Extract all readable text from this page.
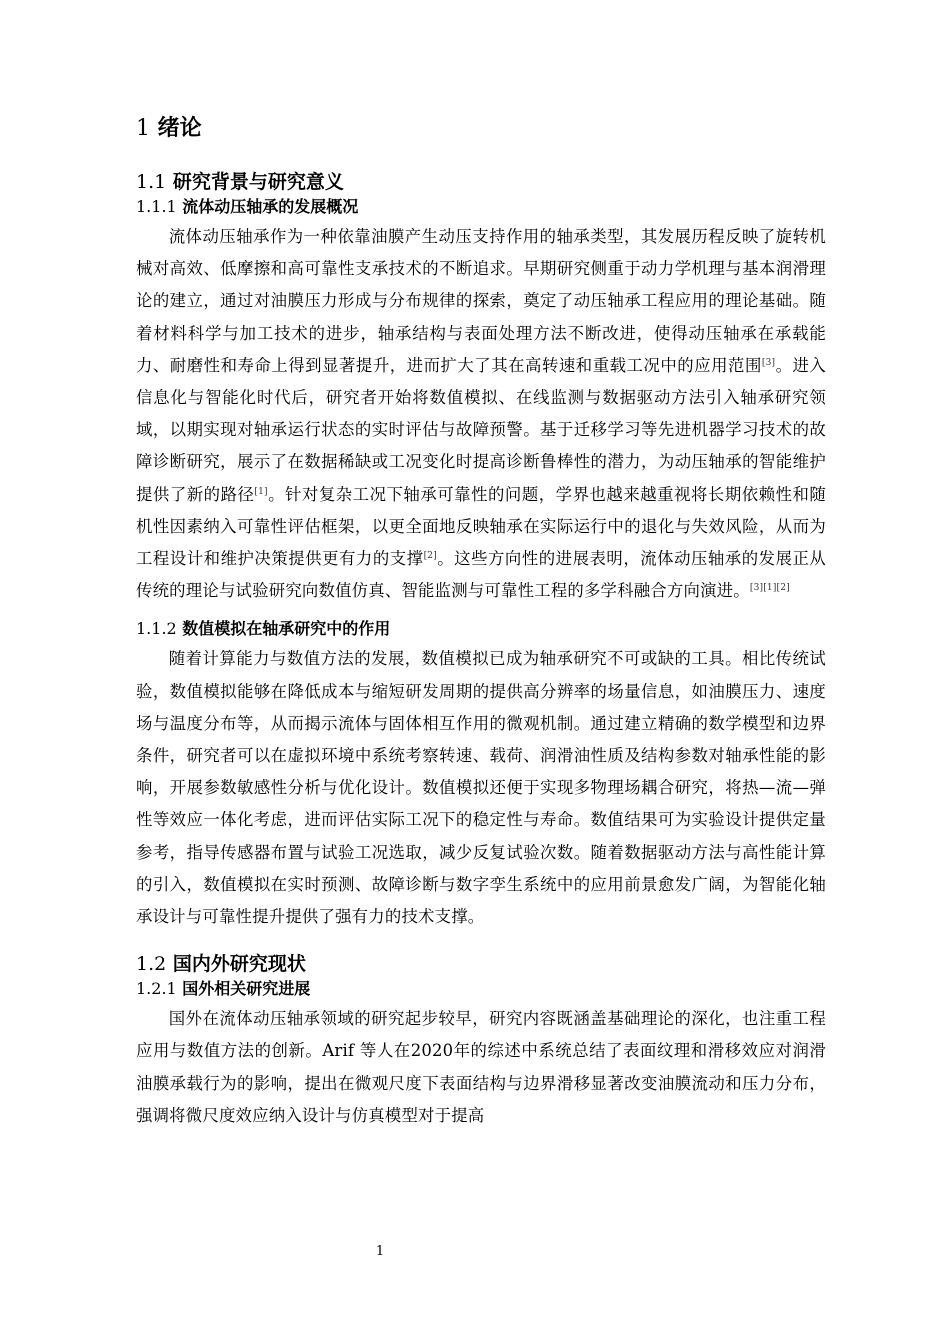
1 绪论
1.1 研究背景与研究意义
1.1.1 流体动压轴承的发展概况

流体动压轴承作为一种依靠油膜产生动压支持作用的轴承类型，其发展历程反映了旋转机械对高效、低摩擦和高可靠性支承技术的不断追求。早期研究侧重于动力学机理与基本润滑理论的建立，通过对油膜压力形成与分布规律的探索，奠定了动压轴承工程应用的理论基础。随着材料科学与加工技术的进步，轴承结构与表面处理方法不断改进，使得动压轴承在承载能力、耐磨性和寿命上得到显著提升，进而扩大了其在高转速和重载工况中的应用范围[3]。进入信息化与智能化时代后，研究者开始将数值模拟、在线监测与数据驱动方法引入轴承研究领域，以期实现对轴承运行状态的实时评估与故障预警。基于迁移学习等先进机器学习技术的故障诊断研究，展示了在数据稀缺或工况变化时提高诊断鲁棒性的潜力，为动压轴承的智能维护提供了新的路径[1]。针对复杂工况下轴承可靠性的问题，学界也越来越重视将长期依赖性和随机性因素纳入可靠性评估框架，以更全面地反映轴承在实际运行中的退化与失效风险，从而为工程设计和维护决策提供更有力的支撑[2]。这些方向性的进展表明，流体动压轴承的发展正从传统的理论与试验研究向数值仿真、智能监测与可靠性工程的多学科融合方向演进。[3][1][2]

1.1.2 数值模拟在轴承研究中的作用

随着计算能力与数值方法的发展，数值模拟已成为轴承研究不可或缺的工具。相比传统试验，数值模拟能够在降低成本与缩短研发周期的提供高分辨率的场量信息，如油膜压力、速度场与温度分布等，从而揭示流体与固体相互作用的微观机制。通过建立精确的数学模型和边界条件，研究者可以在虚拟环境中系统考察转速、载荷、润滑油性质及结构参数对轴承性能的影响，开展参数敏感性分析与优化设计。数值模拟还便于实现多物理场耦合研究，将热—流—弹性等效应一体化考虑，进而评估实际工况下的稳定性与寿命。数值结果可为实验设计提供定量参考，指导传感器布置与试验工况选取，减少反复试验次数。随着数据驱动方法与高性能计算的引入，数值模拟在实时预测、故障诊断与数字孪生系统中的应用前景愈发广阔，为智能化轴承设计与可靠性提升提供了强有力的技术支撑。

1.2 国内外研究现状
1.2.1 国外相关研究进展

国外在流体动压轴承领域的研究起步较早，研究内容既涵盖基础理论的深化，也注重工程应用与数值方法的创新。Arif 等人在2020年的综述中系统总结了表面纹理和滑移效应对润滑油膜承载行为的影响，提出在微观尺度下表面结构与边界滑移显著改变油膜流动和压力分布，强调将微尺度效应纳入设计与仿真模型对于提高

1
